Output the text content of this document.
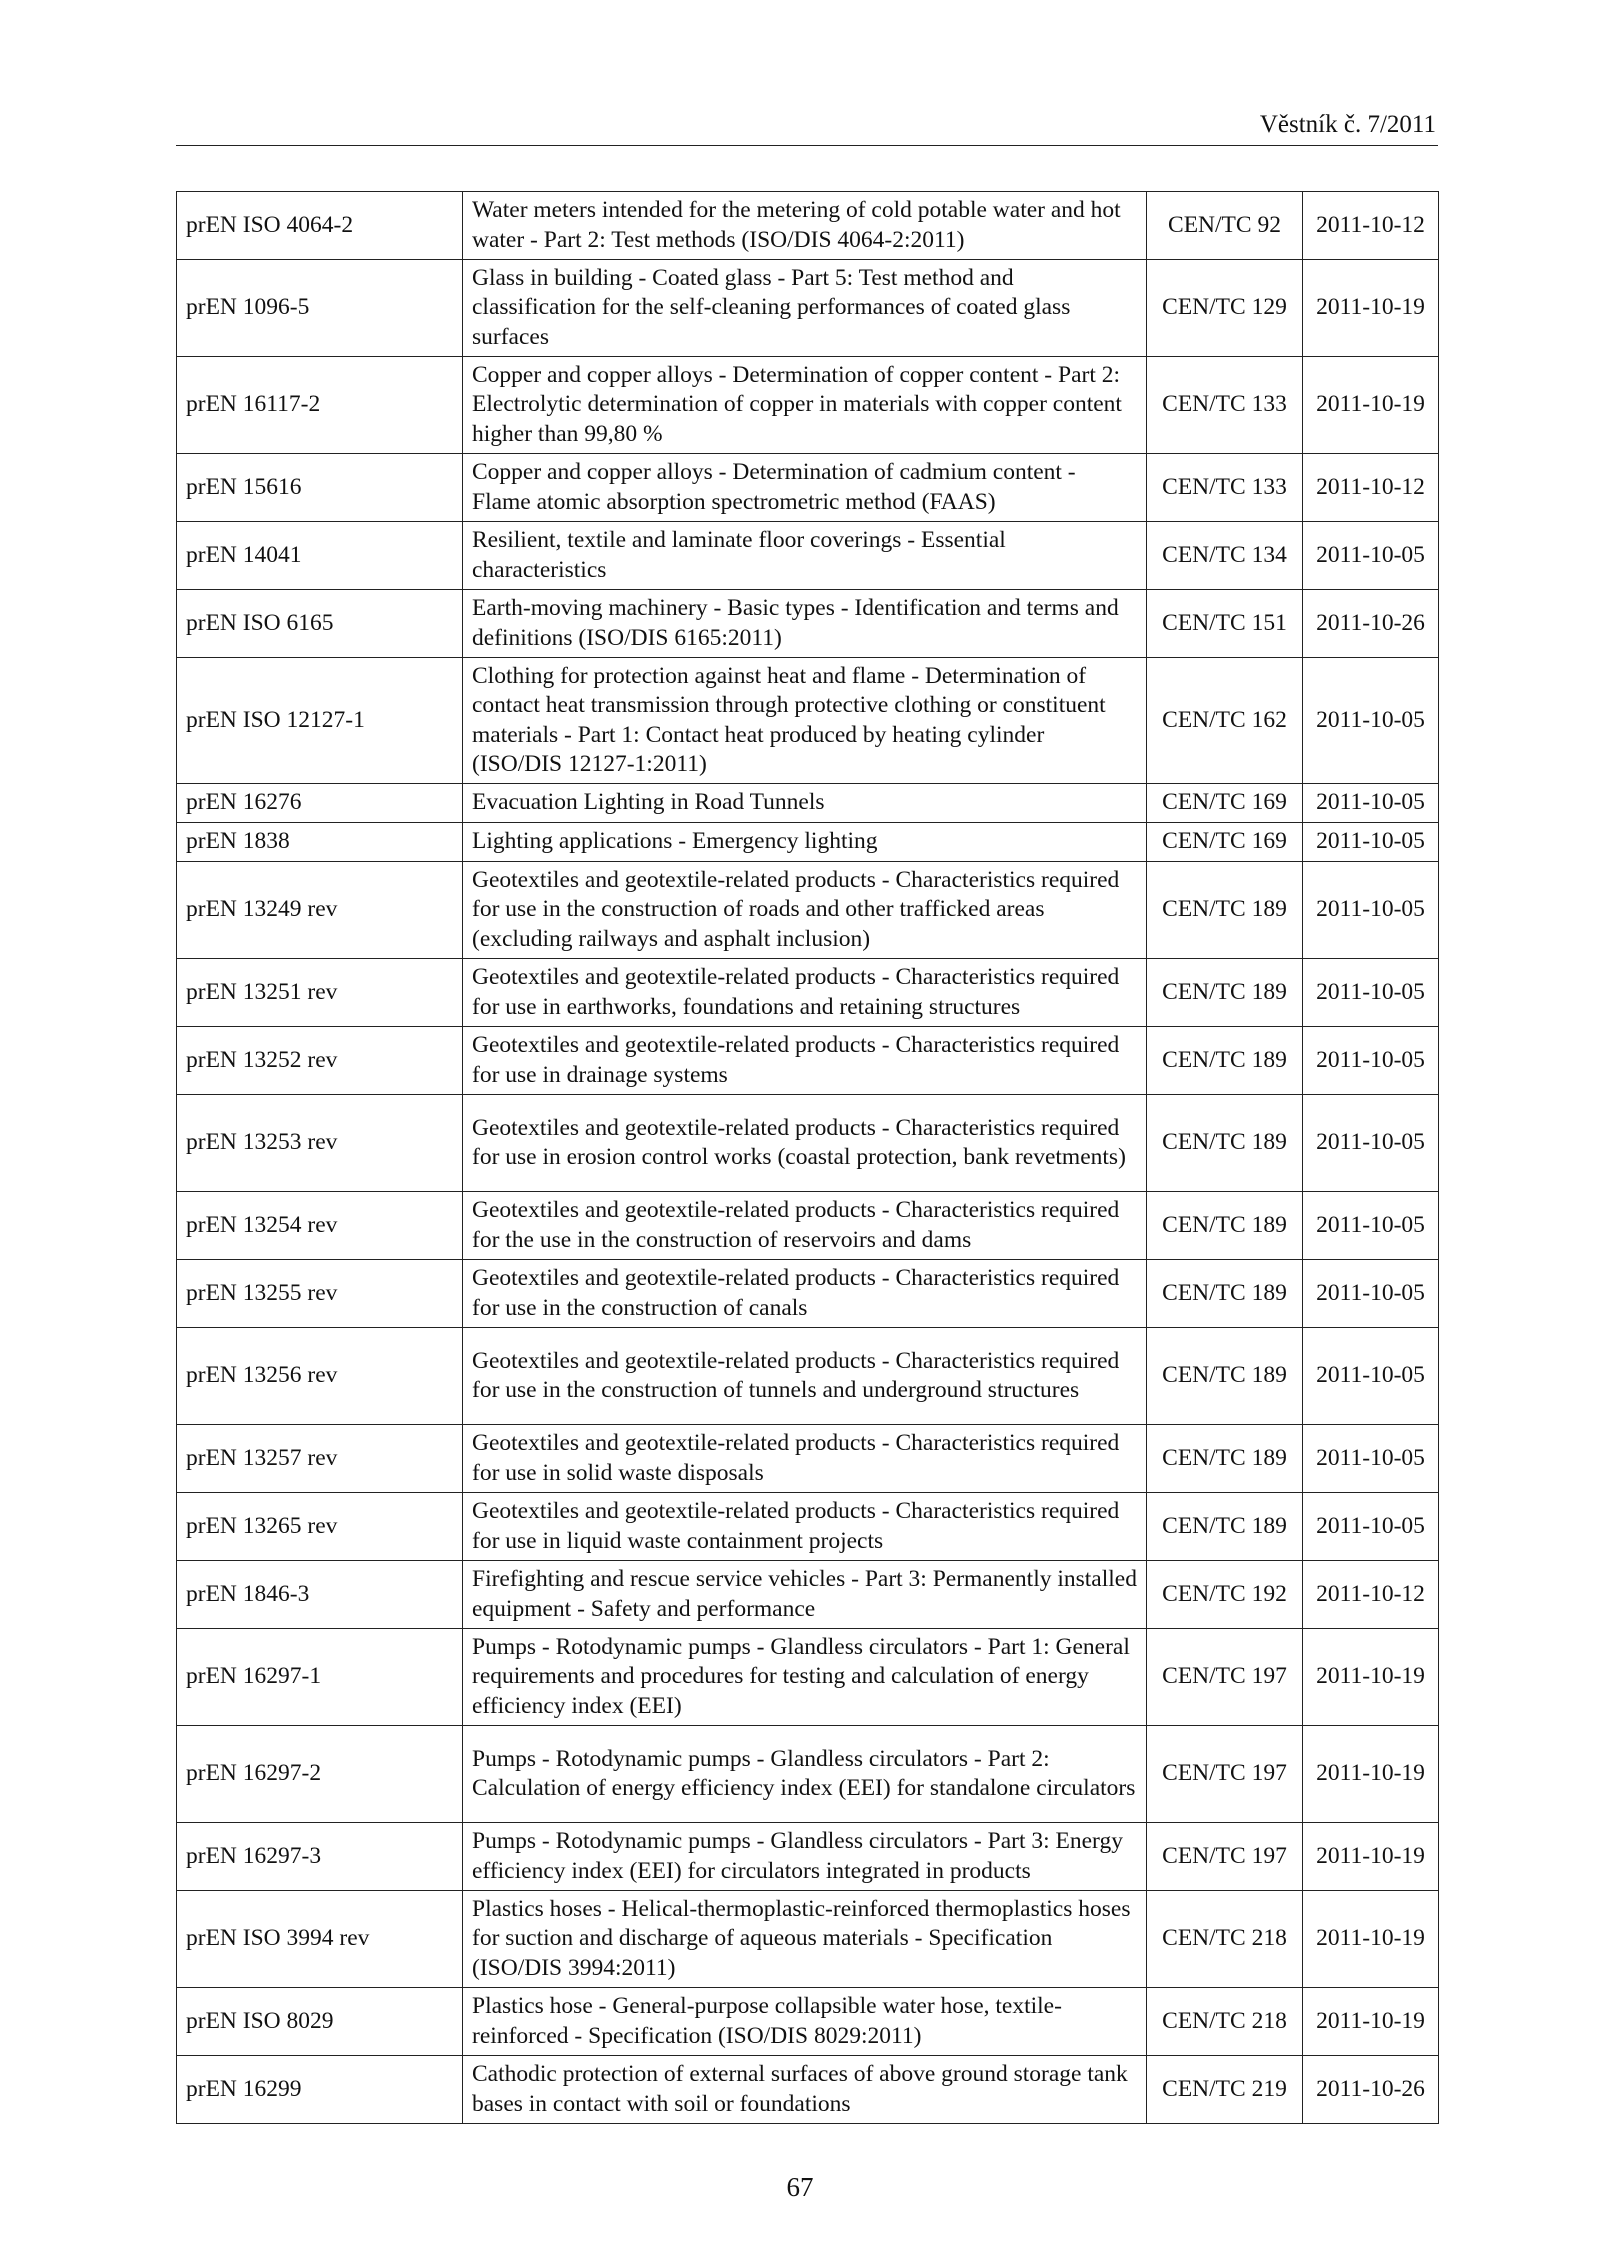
Věstník č. 7/2011
prEN ISO 4064-2	Water meters intended for the metering of cold potable water and hot water - Part 2: Test methods (ISO/DIS 4064-2:2011)	CEN/TC 92	2011-10-12
prEN 1096-5	Glass in building - Coated glass - Part 5: Test method and classification for the self-cleaning performances of coated glass surfaces	CEN/TC 129	2011-10-19
prEN 16117-2	Copper and copper alloys - Determination of copper content - Part 2: Electrolytic determination of copper in materials with copper content higher than 99,80 %	CEN/TC 133	2011-10-19
prEN 15616	Copper and copper alloys - Determination of cadmium content - Flame atomic absorption spectrometric method (FAAS)	CEN/TC 133	2011-10-12
prEN 14041	Resilient, textile and laminate floor coverings - Essential characteristics	CEN/TC 134	2011-10-05
prEN ISO 6165	Earth-moving machinery - Basic types - Identification and terms and definitions (ISO/DIS 6165:2011)	CEN/TC 151	2011-10-26
prEN ISO 12127-1	Clothing for protection against heat and flame - Determination of contact heat transmission through protective clothing or constituent materials - Part 1: Contact heat produced by heating cylinder (ISO/DIS 12127-1:2011)	CEN/TC 162	2011-10-05
prEN 16276	Evacuation Lighting in Road Tunnels	CEN/TC 169	2011-10-05
prEN 1838	Lighting applications - Emergency lighting	CEN/TC 169	2011-10-05
prEN 13249 rev	Geotextiles and geotextile-related products - Characteristics required for use in the construction of roads and other trafficked areas (excluding railways and asphalt inclusion)	CEN/TC 189	2011-10-05
prEN 13251 rev	Geotextiles and geotextile-related products - Characteristics required for use in earthworks, foundations and retaining structures	CEN/TC 189	2011-10-05
prEN 13252 rev	Geotextiles and geotextile-related products - Characteristics required for use in drainage systems	CEN/TC 189	2011-10-05
prEN 13253 rev	Geotextiles and geotextile-related products - Characteristics required for use in erosion control works (coastal protection, bank revetments)	CEN/TC 189	2011-10-05
prEN 13254 rev	Geotextiles and geotextile-related products - Characteristics required for the use in the construction of reservoirs and dams	CEN/TC 189	2011-10-05
prEN 13255 rev	Geotextiles and geotextile-related products - Characteristics required for use in the construction of canals	CEN/TC 189	2011-10-05
prEN 13256 rev	Geotextiles and geotextile-related products - Characteristics required for use in the construction of tunnels and underground structures	CEN/TC 189	2011-10-05
prEN 13257 rev	Geotextiles and geotextile-related products - Characteristics required for use in solid waste disposals	CEN/TC 189	2011-10-05
prEN 13265 rev	Geotextiles and geotextile-related products - Characteristics required for use in liquid waste containment projects	CEN/TC 189	2011-10-05
prEN 1846-3	Firefighting and rescue service vehicles - Part 3: Permanently installed equipment - Safety and performance	CEN/TC 192	2011-10-12
prEN 16297-1	Pumps - Rotodynamic pumps - Glandless circulators - Part 1: General requirements and procedures for testing and calculation of energy efficiency index (EEI)	CEN/TC 197	2011-10-19
prEN 16297-2	Pumps - Rotodynamic pumps - Glandless circulators - Part 2: Calculation of energy efficiency index (EEI) for standalone circulators	CEN/TC 197	2011-10-19
prEN 16297-3	Pumps - Rotodynamic pumps - Glandless circulators - Part 3: Energy efficiency index (EEI) for circulators integrated in products	CEN/TC 197	2011-10-19
prEN ISO 3994 rev	Plastics hoses - Helical-thermoplastic-reinforced thermoplastics hoses for suction and discharge of aqueous materials - Specification (ISO/DIS 3994:2011)	CEN/TC 218	2011-10-19
prEN ISO 8029	Plastics hose - General-purpose collapsible water hose, textile-reinforced - Specification (ISO/DIS 8029:2011)	CEN/TC 218	2011-10-19
prEN 16299	Cathodic protection of external surfaces of above ground storage tank bases in contact with soil or foundations	CEN/TC 219	2011-10-26
67
